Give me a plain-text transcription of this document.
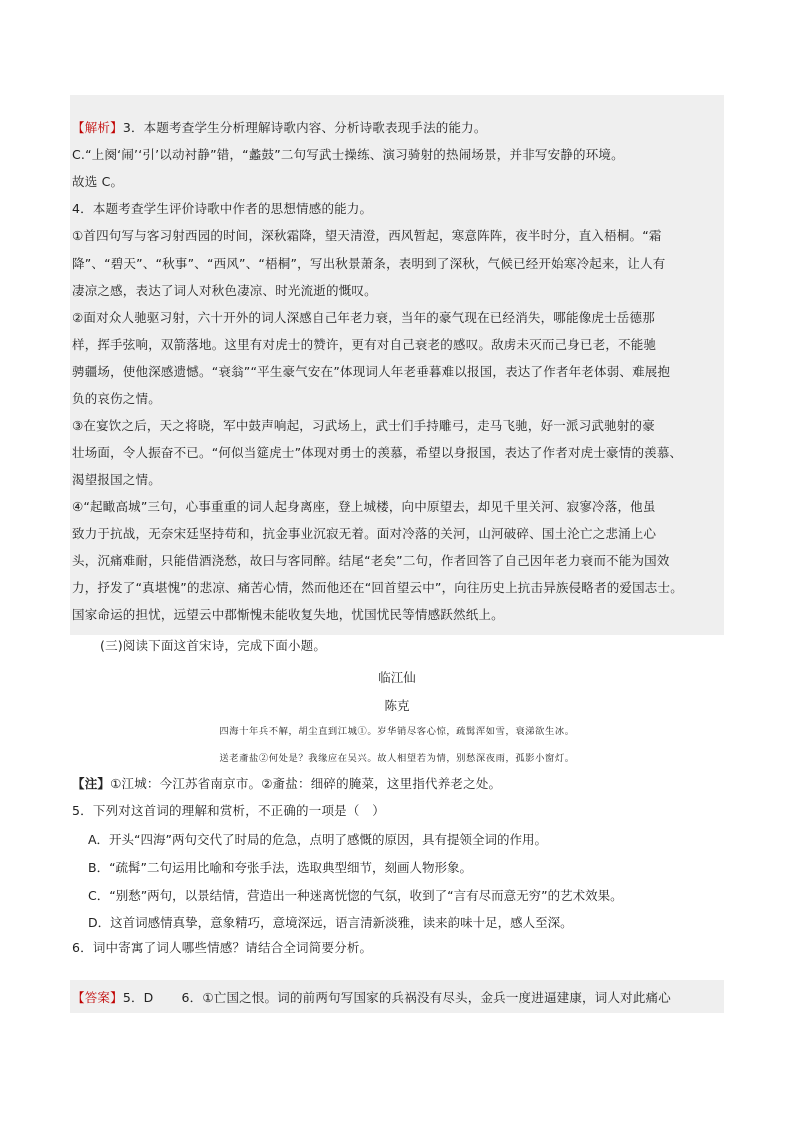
【解析】3．本题考查学生分析理解诗歌内容、分析诗歌表现手法的能力。
C.“上阕‘闹’‘引’以动衬静”错，“蠡鼓”二句写武士操练、演习骑射的热闹场景，并非写安静的环境。
故选 C。
4．本题考查学生评价诗歌中作者的思想情感的能力。
①首四句写与客习射西园的时间，深秋霜降，望天清澄，西风暂起，寒意阵阵，夜半时分，直入梧桐。“霜
降”、“碧天”、“秋事”、“西风”、“梧桐”，写出秋景萧条，表明到了深秋，气候已经开始寒冷起来，让人有
凄凉之感，表达了词人对秋色凄凉、时光流逝的慨叹。
②面对众人驰驱习射，六十开外的词人深感自己年老力衰，当年的豪气现在已经消失，哪能像虎士岳德那
样，挥手弦响，双箭落地。这里有对虎士的赞许，更有对自己衰老的感叹。敌虏未灭而己身已老，不能驰
骋疆场，使他深感遗憾。“衰翁”“平生豪气安在”体现词人年老垂暮难以报国，表达了作者年老体弱、难展抱
负的哀伤之情。
③在宴饮之后，天之将晓，军中鼓声响起，习武场上，武士们手持雕弓，走马飞驰，好一派习武驰射的豪
壮场面，令人振奋不已。“何似当筵虎士”体现对勇士的羡慕，希望以身报国，表达了作者对虎士豪情的羡慕、
渴望报国之情。
④“起瞰高城”三句，心事重重的词人起身离座，登上城楼，向中原望去，却见千里关河、寂寥冷落，他虽
致力于抗战，无奈宋廷坚持苟和，抗金事业沉寂无着。面对冷落的关河，山河破碎、国土沦亡之悲涌上心
头，沉痛难耐，只能借酒浇愁，故曰与客同醉。结尾“老矣”二句，作者回答了自己因年老力衰而不能为国效
力，抒发了“真堪愧”的悲凉、痛苦心情，然而他还在“回首望云中”，向往历史上抗击异族侵略者的爱国志士。
国家命运的担忧，远望云中郡惭愧未能收复失地，忧国忧民等情感跃然纸上。
(三)阅读下面这首宋诗，完成下面小题。
临江仙
陈克
四海十年兵不解，胡尘直到江城①。岁华销尽客心惊，疏髯浑如雪，衰涕欲生冰。
送老齑盐②何处是？我缘应在吴兴。故人相望若为情，别愁深夜雨，孤影小窗灯。
【注】①江城：今江苏省南京市。②齑盐：细碎的腌菜，这里指代养老之处。
5．下列对这首词的理解和赏析，不正确的一项是（　）
A．开头“四海”两句交代了时局的危急，点明了感慨的原因，具有提领全词的作用。
B．“疏髯”二句运用比喻和夸张手法，选取典型细节，刻画人物形象。
C．“别愁”两句，以景结情，营造出一种迷离恍惚的气氛，收到了“言有尽而意无穷”的艺术效果。
D．这首词感情真挚，意象精巧，意境深远，语言清新淡雅，读来韵味十足，感人至深。
6．词中寄寓了词人哪些情感？请结合全词简要分析。
【答案】5．D 6．①亡国之恨。词的前两句写国家的兵祸没有尽头，金兵一度进逼建康，词人对此痛心
